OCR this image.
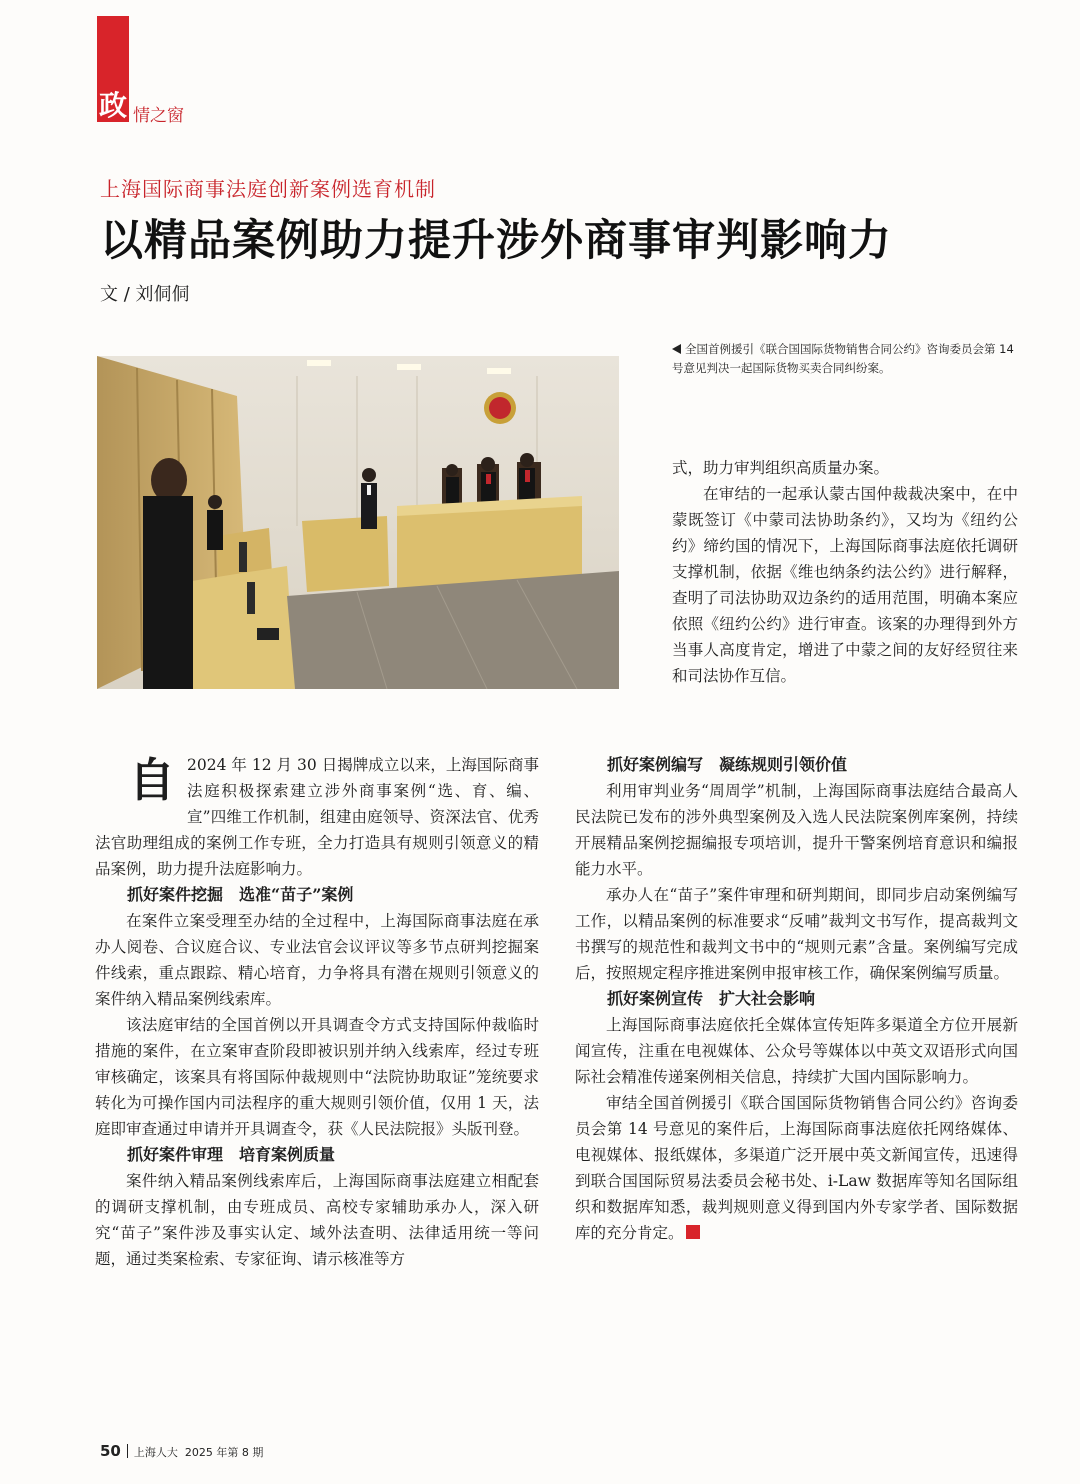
政 情之窗
上海国际商事法庭创新案例选育机制
以精品案例助力提升涉外商事审判影响力
文 / 刘侗侗
全国首例援引《联合国国际货物销售合同公约》咨询委员会第 14 号意见判决一起国际货物买卖合同纠纷案。

式，助力审判组织高质量办案。

在审结的一起承认蒙古国仲裁裁决案中，在中蒙既签订《中蒙司法协助条约》，又均为《纽约公约》缔约国的情况下，上海国际商事法庭依托调研支撑机制，依据《维也纳条约法公约》进行解释，查明了司法协助双边条约的适用范围，明确本案应依照《纽约公约》进行审查。该案的办理得到外方当事人高度肯定，增进了中蒙之间的友好经贸往来和司法协作互信。

自 2024 年 12 月 30 日揭牌成立以来，上海国际商事法庭积极探索建立涉外商事案例“选、育、编、宣”四维工作机制，组建由庭领导、资深法官、优秀法官助理组成的案例工作专班，全力打造具有规则引领意义的精品案例，助力提升法庭影响力。

抓好案件挖掘　选准“苗子”案例

在案件立案受理至办结的全过程中，上海国际商事法庭在承办人阅卷、合议庭合议、专业法官会议评议等多节点研判挖掘案件线索，重点跟踪、精心培育，力争将具有潜在规则引领意义的案件纳入精品案例线索库。

该法庭审结的全国首例以开具调查令方式支持国际仲裁临时措施的案件，在立案审查阶段即被识别并纳入线索库，经过专班审核确定，该案具有将国际仲裁规则中“法院协助取证”笼统要求转化为可操作国内司法程序的重大规则引领价值，仅用 1 天，法庭即审查通过申请并开具调查令，获《人民法院报》头版刊登。

抓好案件审理　培育案例质量

案件纳入精品案例线索库后，上海国际商事法庭建立相配套的调研支撑机制，由专班成员、高校专家辅助承办人，深入研究“苗子”案件涉及事实认定、域外法查明、法律适用统一等问题，通过类案检索、专家征询、请示核准等方

抓好案例编写　凝练规则引领价值

利用审判业务“周周学”机制，上海国际商事法庭结合最高人民法院已发布的涉外典型案例及入选人民法院案例库案例，持续开展精品案例挖掘编报专项培训，提升干警案例培育意识和编报能力水平。

承办人在“苗子”案件审理和研判期间，即同步启动案例编写工作，以精品案例的标准要求“反哺”裁判文书写作，提高裁判文书撰写的规范性和裁判文书中的“规则元素”含量。案例编写完成后，按照规定程序推进案例申报审核工作，确保案例编写质量。

抓好案例宣传　扩大社会影响

上海国际商事法庭依托全媒体宣传矩阵多渠道全方位开展新闻宣传，注重在电视媒体、公众号等媒体以中英文双语形式向国际社会精准传递案例相关信息，持续扩大国内国际影响力。

审结全国首例援引《联合国国际货物销售合同公约》咨询委员会第 14 号意见的案件后，上海国际商事法庭依托网络媒体、电视媒体、报纸媒体，多渠道广泛开展中英文新闻宣传，迅速得到联合国国际贸易法委员会秘书处、i-Law 数据库等知名国际组织和数据库知悉，裁判规则意义得到国内外专家学者、国际数据库的充分肯定。

50 上海人大 2025 年第 8 期
